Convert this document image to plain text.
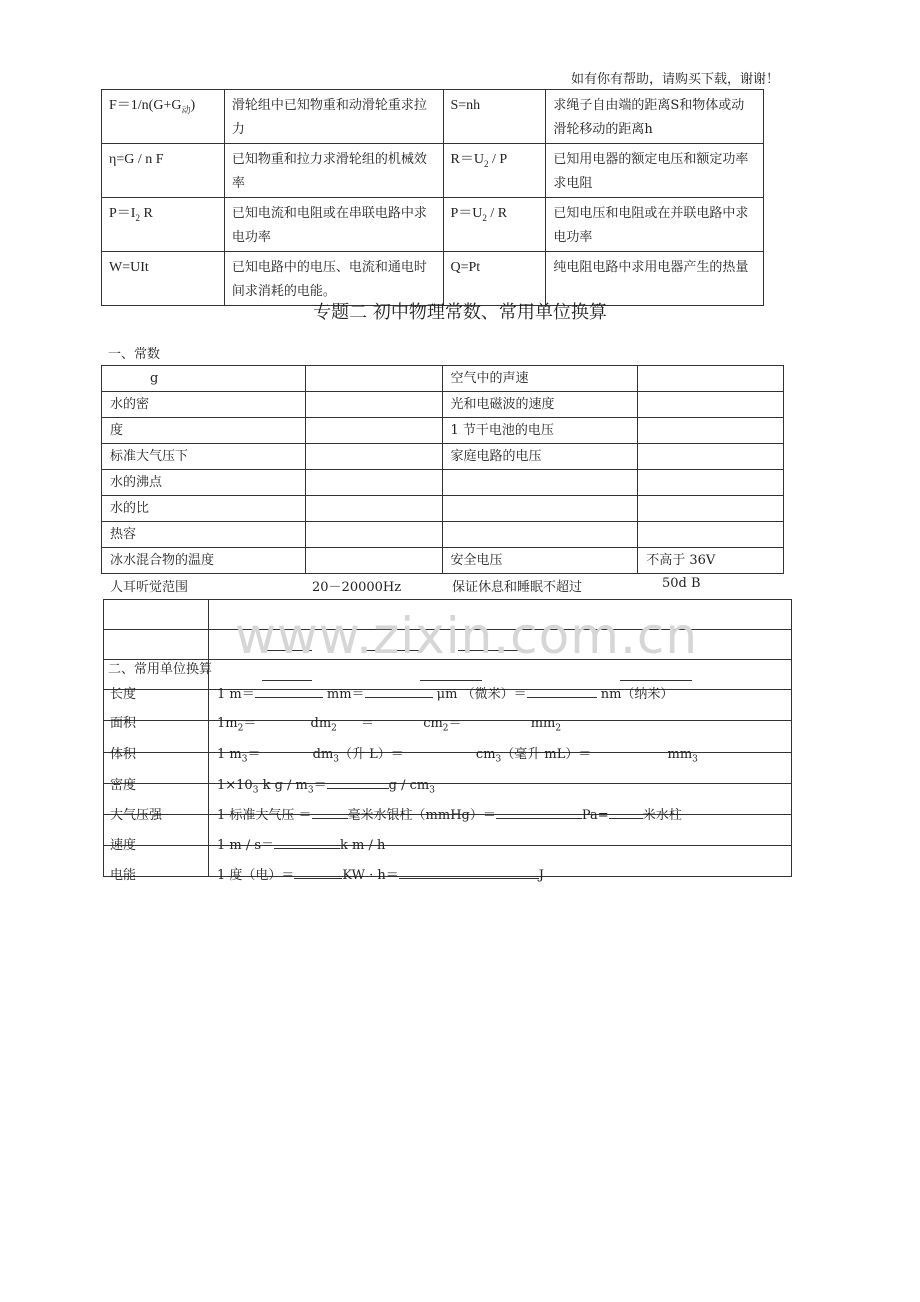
如有你有帮助，请购买下载，谢谢！
$F=1/n(G+G_动)$	滑轮组中已知物重和动滑轮重求拉力	S=nh	求绳子自由端的距离S和物体或动滑轮移动的距离h
η=G / n F	已知物重和拉力求滑轮组的机械效率	$R=U_2 / P$	已知用电器的额定电压和额定功率求电阻
$P=I_2$ R	已知电流和电阻或在串联电路中求电功率	$P=U_2 / R$	已知电压和电阻或在并联电路中求电功率
W=UIt	已知电路中的电压、电流和通电时间求消耗的电能。	Q=Pt	纯电阻电路中求用电器产生的热量
专题二 初中物理常数、常用单位换算
一、常数
g		空气中的声速	
水的密		光和电磁波的速度	
度		1 节干电池的电压	
标准大气压下		家庭电路的电压	
水的沸点			
水的比			
热容			
冰水混合物的温度		安全电压	不高于 36V
人耳听觉范围	20－20000Hz	保证休息和睡眠不超过	50d B
www.zixin.com.cn
二、常用单位换算
长度	1 m＝	mm＝	μm （微米）＝	nm（纳米）
面积	$1m_2=$	$dm_2$ ＝	$cm_2=$	$mm_2$
体积	1 $m_3=$	$dm_3$（升 L）＝	$cm_3$（毫升 mL）＝	$mm_3$
密度	$1\times 10_3$ k $g / m_3=$	g / $cm_3$
大气压强	1 标准大气压 ＝	毫米水银柱（mmHg）＝	Pa=	米水柱
速度	1 m / s＝	k m / h
电能	1 度（电）＝	KW · h＝	J
